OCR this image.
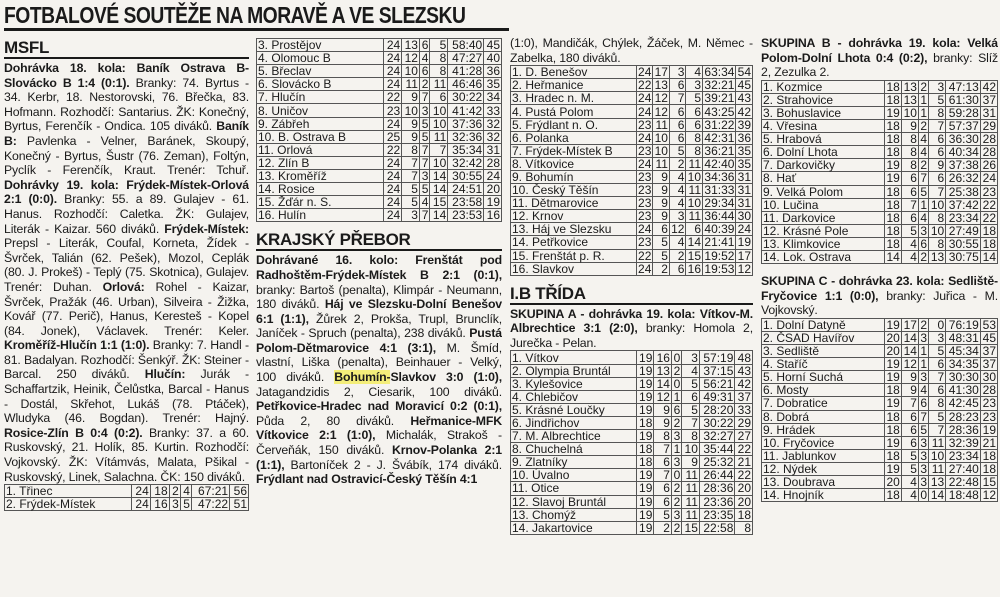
FOTBALOVÉ SOUTĚŽE NA MORAVĚ A VE SLEZSKU
MSFL
Dohrávka 18. kola: Baník Ostrava B-Slovácko B 1:4 (0:1). Branky: 74. Byrtus - 34. Kerbr, 18. Nestorovski, 76. Břečka, 83. Hofmann. Rozhodčí: Santarius. ŽK: Konečný, Byrtus, Ferenčík - Ondica. 105 diváků. Baník B: Pavlenka - Velner, Baránek, Skoupý, Konečný - Byrtus, Šustr (76. Zeman), Foltýn, Pyclík - Ferenčík, Kraut. Trenér: Tchuř. Dohrávky 19. kola: Frýdek-Místek-Orlová 2:1 (0:0). Branky: 55. a 89. Gulajev - 61. Hanus. Rozhodčí: Caletka. ŽK: Gulajev, Literák - Kaizar. 560 diváků. Frýdek-Místek: Prepsl - Literák, Coufal, Korneta, Žídek - Švrček, Talián (62. Pešek), Mozol, Ceplák (80. J. Prokeš) - Teplý (75. Skotnica), Gulajev. Trenér: Duhan. Orlová: Rohel - Kaizar, Švrček, Pražák (46. Urban), Silveira - Žižka, Kovář (77. Perič), Hanus, Keresteš - Kopel (84. Jonek), Václavek. Trenér: Keler. Kroměříž-Hlučín 1:1 (1:0). Branky: 7. Handl - 81. Badalyan. Rozhodčí: Šenkýř. ŽK: Steiner - Barcal. 250 diváků. Hlučín: Jurák - Schaffartzik, Heinik, Čelůstka, Barcal - Hanus - Dostál, Skřehot, Lukáš (78. Ptáček), Wludyka (46. Bogdan). Trenér: Hajný. Rosice-Zlín B 0:4 (0:2). Branky: 37. a 60. Ruskovský, 21. Holík, 85. Kurtin. Rozhodčí: Vojkovský. ŽK: Vítámvás, Malata, Pšikal - Ruskovský, Linek, Salachna. ČK: 150 diváků.
1. Třinec	24	18	2	4	67:21	56
2. Frýdek-Místek	24	16	3	5	47:22	51
3. Prostějov	24	13	6	5	58:40	45
4. Olomouc B	24	12	4	8	47:27	40
5. Břeclav	24	10	6	8	41:28	36
6. Slovácko B	24	11	2	11	46:46	35
7. Hlučín	22	9	7	6	30:22	34
8. Uničov	23	10	3	10	41:42	33
9. Zábřeh	24	9	5	10	37:36	32
10. B. Ostrava B	25	9	5	11	32:36	32
11. Orlová	22	8	7	7	35:34	31
12. Zlín B	24	7	7	10	32:42	28
13. Kroměříž	24	7	3	14	30:55	24
14. Rosice	24	5	5	14	24:51	20
15. Žďár n. S.	24	5	4	15	23:58	19
16. Hulín	24	3	7	14	23:53	16
KRAJSKÝ PŘEBOR
Dohrávané 16. kolo: Frenštát pod Radhoštěm-Frýdek-Místek B 2:1 (0:1), branky: Bartoš (penalta), Klimpár - Neumann, 180 diváků. Háj ve Slezsku-Dolní Benešov 6:1 (1:1), Žůrek 2, Prokša, Trupl, Brunclík, Janíček - Spruch (penalta), 238 diváků. Pustá Polom-Dětmarovice 4:1 (3:1), M. Šmíd, vlastní, Liška (penalta), Beinhauer - Velký, 100 diváků. Bohumín-Slavkov 3:0 (1:0), Jatagandzidis 2, Ciesarik, 100 diváků. Petřkovice-Hradec nad Moravicí 0:2 (0:1), Půda 2, 80 diváků. Heřmanice-MFK Vítkovice 2:1 (1:0), Michalák, Strakoš - Červeňák, 150 diváků. Krnov-Polanka 2:1 (1:1), Bartoníček 2 - J. Švábík, 174 diváků. Frýdlant nad Ostravicí-Český Těšín 4:1
(1:0), Mandičák, Chýlek, Žáček, M. Němec - Zabelka, 180 diváků.
1. D. Benešov	24	17	3	4	63:34	54
2. Heřmanice	22	13	6	3	32:21	45
3. Hradec n. M.	24	12	7	5	39:21	43
4. Pustá Polom	24	12	6	6	43:25	42
5. Frýdlant n. O.	23	11	6	6	31:22	39
6. Polanka	24	10	6	8	42:31	36
7. Frýdek-Místek B	23	10	5	8	36:21	35
8. Vítkovice	24	11	2	11	42:40	35
9. Bohumín	23	9	4	10	34:36	31
10. Český Těšín	23	9	4	11	31:33	31
11. Dětmarovice	23	9	4	10	29:34	31
12. Krnov	23	9	3	11	36:44	30
13. Háj ve Slezsku	24	6	12	6	40:39	24
14. Petřkovice	23	5	4	14	21:41	19
15. Frenštát p. R.	22	5	2	15	19:52	17
16. Slavkov	24	2	6	16	19:53	12
I.B TŘÍDA
SKUPINA A - dohrávka 19. kola: Vítkov-M. Albrechtice 3:1 (2:0), branky: Homola 2, Jurečka - Pelan.
1. Vítkov	19	16	0	3	57:19	48
2. Olympia Bruntál	19	13	2	4	37:15	43
3. Kylešovice	19	14	0	5	56:21	42
4. Chlebičov	19	12	1	6	49:31	37
5. Krásné Loučky	19	9	6	5	28:20	33
6. Jindřichov	18	9	2	7	30:22	29
7. M. Albrechtice	19	8	3	8	32:27	27
8. Chuchelná	18	7	1	10	35:44	22
9. Zlatníky	18	6	3	9	25:32	21
10. Úvalno	19	7	0	11	26:44	22
11. Otice	19	6	2	11	28:36	20
12. Slavoj Bruntál	19	6	2	11	23:36	20
13. Chomýž	19	5	3	11	23:35	18
14. Jakartovice	19	2	2	15	22:58	8
SKUPINA B - dohrávka 19. kola: Velká Polom-Dolní Lhota 0:4 (0:2), branky: Slíž 2, Zezulka 2.
1. Kozmice	18	13	2	3	47:13	42
2. Strahovice	18	13	1	5	61:30	37
3. Bohuslavice	19	10	1	8	59:28	31
4. Vřesina	18	9	2	7	57:37	29
5. Hrabová	18	8	4	6	36:30	28
6. Dolní Lhota	18	8	4	6	40:34	28
7. Darkovičky	19	8	2	9	37:38	26
8. Hať	19	6	7	6	26:32	24
9. Velká Polom	18	6	5	7	25:38	23
10. Lučina	18	7	1	10	37:42	22
11. Darkovice	18	6	4	8	23:34	22
12. Krásné Pole	18	5	3	10	27:49	18
13. Klimkovice	18	4	6	8	30:55	18
14. Lok. Ostrava	14	4	2	13	30:75	14
SKUPINA C - dohrávka 23. kola: Sedliště-Fryčovice 1:1 (0:0), branky: Juřica - M. Vojkovský.
1. Dolní Datyně	19	17	2	0	76:19	53
2. ČSAD Havířov	20	14	3	3	48:31	45
3. Sedliště	20	14	1	5	45:34	37
4. Staříč	19	12	1	6	34:35	37
5. Horní Suchá	19	9	3	7	30:30	30
6. Mosty	18	9	4	6	41:30	28
7. Dobratice	19	7	6	8	42:45	23
8. Dobrá	18	6	7	5	28:23	23
9. Hrádek	18	6	5	7	28:36	19
10. Fryčovice	19	6	3	11	32:39	21
11. Jablunkov	18	5	3	10	23:34	18
12. Nýdek	19	5	3	11	27:40	18
13. Doubrava	20	4	3	13	22:48	15
14. Hnojník	18	4	0	14	18:48	12
